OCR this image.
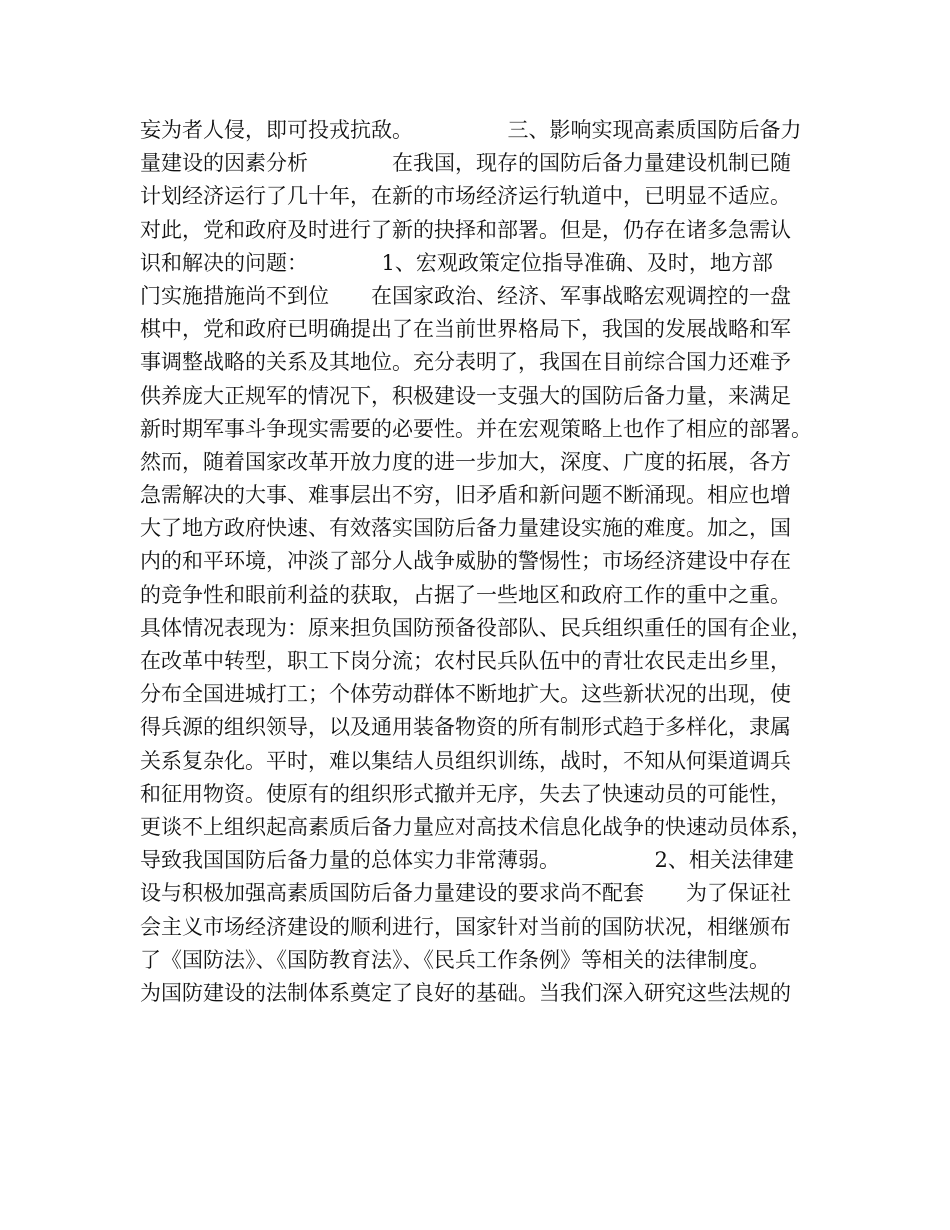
妄为者人侵，即可投戎抗敌。　　　　　三、影响实现高素质国防后备力
量建设的因素分析　　　　在我国，现存的国防后备力量建设机制已随
计划经济运行了几十年，在新的市场经济运行轨道中，已明显不适应。
对此，党和政府及时进行了新的抉择和部署。但是，仍存在诸多急需认
识和解决的问题：　　　　1、宏观政策定位指导准确、及时，地方部
门实施措施尚不到位　　在国家政治、经济、军事战略宏观调控的一盘
棋中，党和政府已明确提出了在当前世界格局下，我国的发展战略和军
事调整战略的关系及其地位。充分表明了，我国在目前综合国力还难予
供养庞大正规军的情况下，积极建设一支强大的国防后备力量，来满足
新时期军事斗争现实需要的必要性。并在宏观策略上也作了相应的部署。
然而，随着国家改革开放力度的进一步加大，深度、广度的拓展，各方
急需解决的大事、难事层出不穷，旧矛盾和新问题不断涌现。相应也增
大了地方政府快速、有效落实国防后备力量建设实施的难度。加之，国
内的和平环境，冲淡了部分人战争威胁的警惕性；市场经济建设中存在
的竞争性和眼前利益的获取，占据了一些地区和政府工作的重中之重。
具体情况表现为：原来担负国防预备役部队、民兵组织重任的国有企业，
在改革中转型，职工下岗分流；农村民兵队伍中的青壮农民走出乡里，
分布全国进城打工；个体劳动群体不断地扩大。这些新状况的出现，使
得兵源的组织领导，以及通用装备物资的所有制形式趋于多样化，隶属
关系复杂化。平时，难以集结人员组织训练，战时，不知从何渠道调兵
和征用物资。使原有的组织形式撤并无序，失去了快速动员的可能性，
更谈不上组织起高素质后备力量应对高技术信息化战争的快速动员体系，
导致我国国防后备力量的总体实力非常薄弱。　　　　　2、相关法律建
设与积极加强高素质国防后备力量建设的要求尚不配套　　为了保证社
会主义市场经济建设的顺利进行，国家针对当前的国防状况，相继颁布
了《国防法》、《国防教育法》、《民兵工作条例》等相关的法律制度。
为国防建设的法制体系奠定了良好的基础。当我们深入研究这些法规的
